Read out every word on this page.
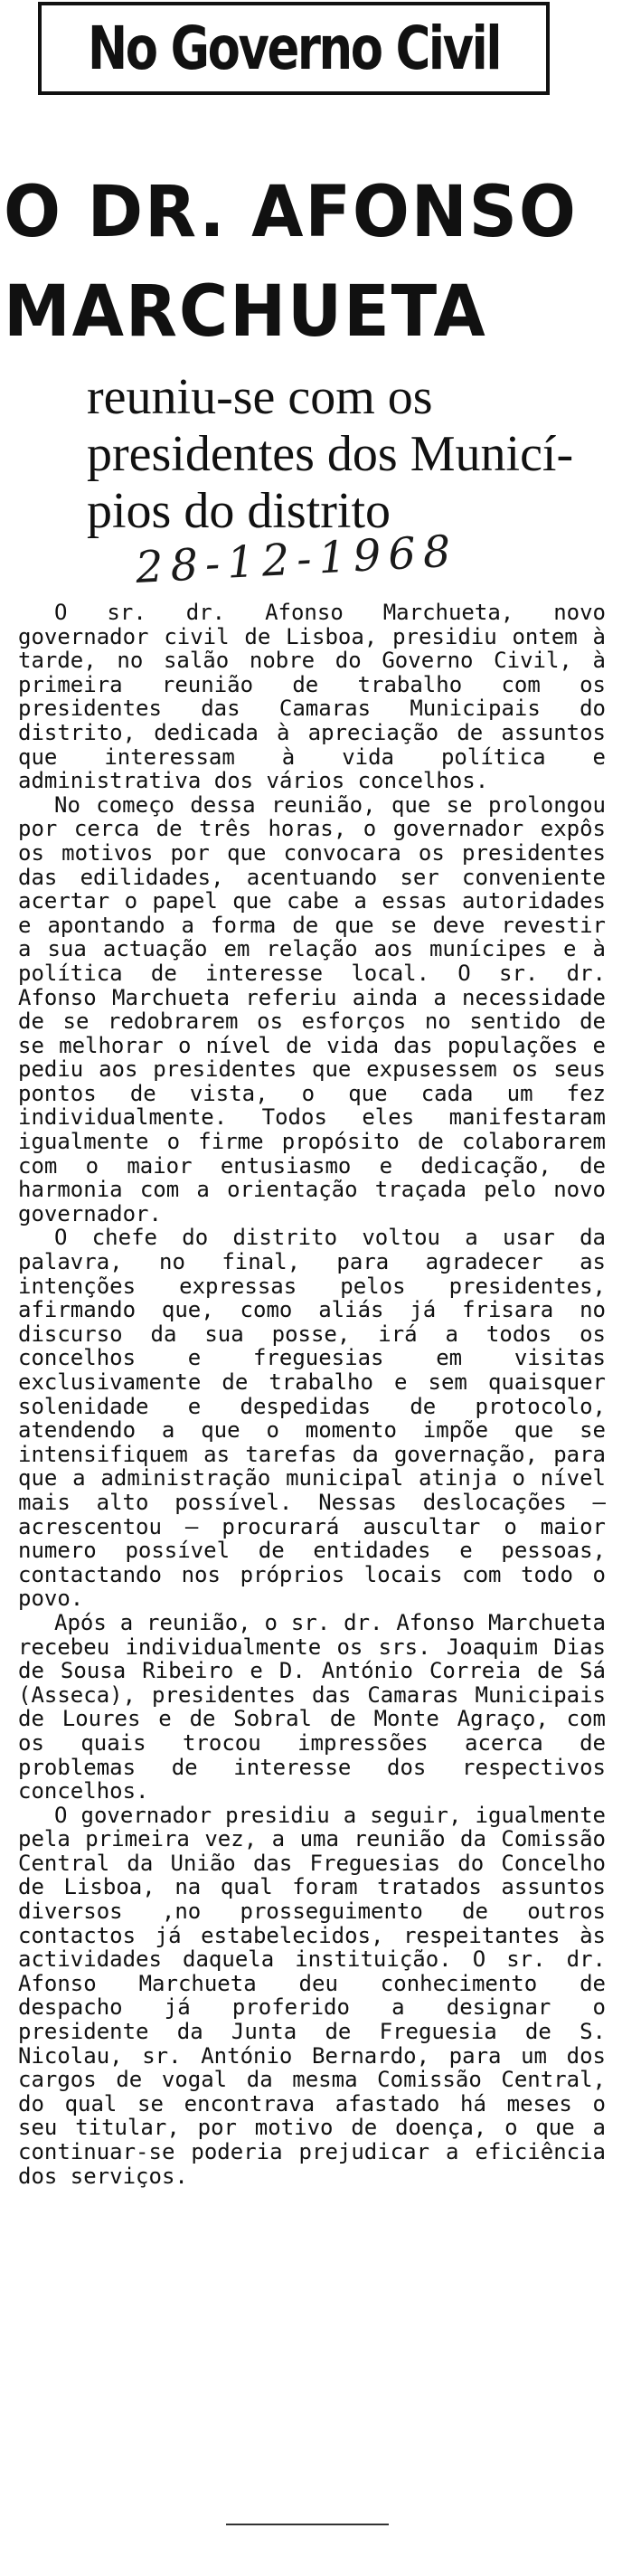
No Governo Civil
O DR. AFONSO
MARCHUETA
reuniu-se com os
presidentes dos Municí-
pios do distrito
28-12-1968

O sr. dr. Afonso Marchueta, novo governador civil de Lisboa, presidiu ontem à tarde, no salão nobre do Governo Civil, à primeira reunião de trabalho com os presidentes das Camaras Municipais do distrito, dedicada à apreciação de assuntos que interessam à vida política e administrativa dos vários concelhos.

No começo dessa reunião, que se prolongou por cerca de três horas, o governador expôs os motivos por que convocara os presidentes das edilidades, acentuando ser conveniente acertar o papel que cabe a essas autoridades e apontando a forma de que se deve revestir a sua actuação em relação aos munícipes e à política de interesse local. O sr. dr. Afonso Marchueta referiu ainda a necessidade de se redobrarem os esforços no sentido de se melhorar o nível de vida das populações e pediu aos presidentes que expusessem os seus pontos de vista, o que cada um fez individualmente. Todos eles manifestaram igualmente o firme propósito de colaborarem com o maior entusiasmo e dedicação, de harmonia com a orientação traçada pelo novo governador.

O chefe do distrito voltou a usar da palavra, no final, para agradecer as intenções expressas pelos presidentes, afirmando que, como aliás já frisara no discurso da sua posse, irá a todos os concelhos e freguesias em visitas exclusivamente de trabalho e sem quaisquer solenidade e despedidas de protocolo, atendendo a que o momento impõe que se intensifiquem as tarefas da governação, para que a administração municipal atinja o nível mais alto possível. Nessas deslocações — acrescentou — procurará auscultar o maior numero possível de entidades e pessoas, contactando nos próprios locais com todo o povo.

Após a reunião, o sr. dr. Afonso Marchueta recebeu individualmente os srs. Joaquim Dias de Sousa Ribeiro e D. António Correia de Sá (Asseca), presidentes das Camaras Municipais de Loures e de Sobral de Monte Agraço, com os quais trocou impressões acerca de problemas de interesse dos respectivos concelhos.

O governador presidiu a seguir, igualmente pela primeira vez, a uma reunião da Comissão Central da União das Freguesias do Concelho de Lisboa, na qual foram tratados assuntos diversos ,no prosseguimento de outros contactos já estabelecidos, respeitantes às actividades daquela instituição. O sr. dr. Afonso Marchueta deu conhecimento de despacho já proferido a designar o presidente da Junta de Freguesia de S. Nicolau, sr. António Bernardo, para um dos cargos de vogal da mesma Comissão Central, do qual se encontrava afastado há meses o seu titular, por motivo de doença, o que a continuar-se poderia prejudicar a eficiência dos serviços.
